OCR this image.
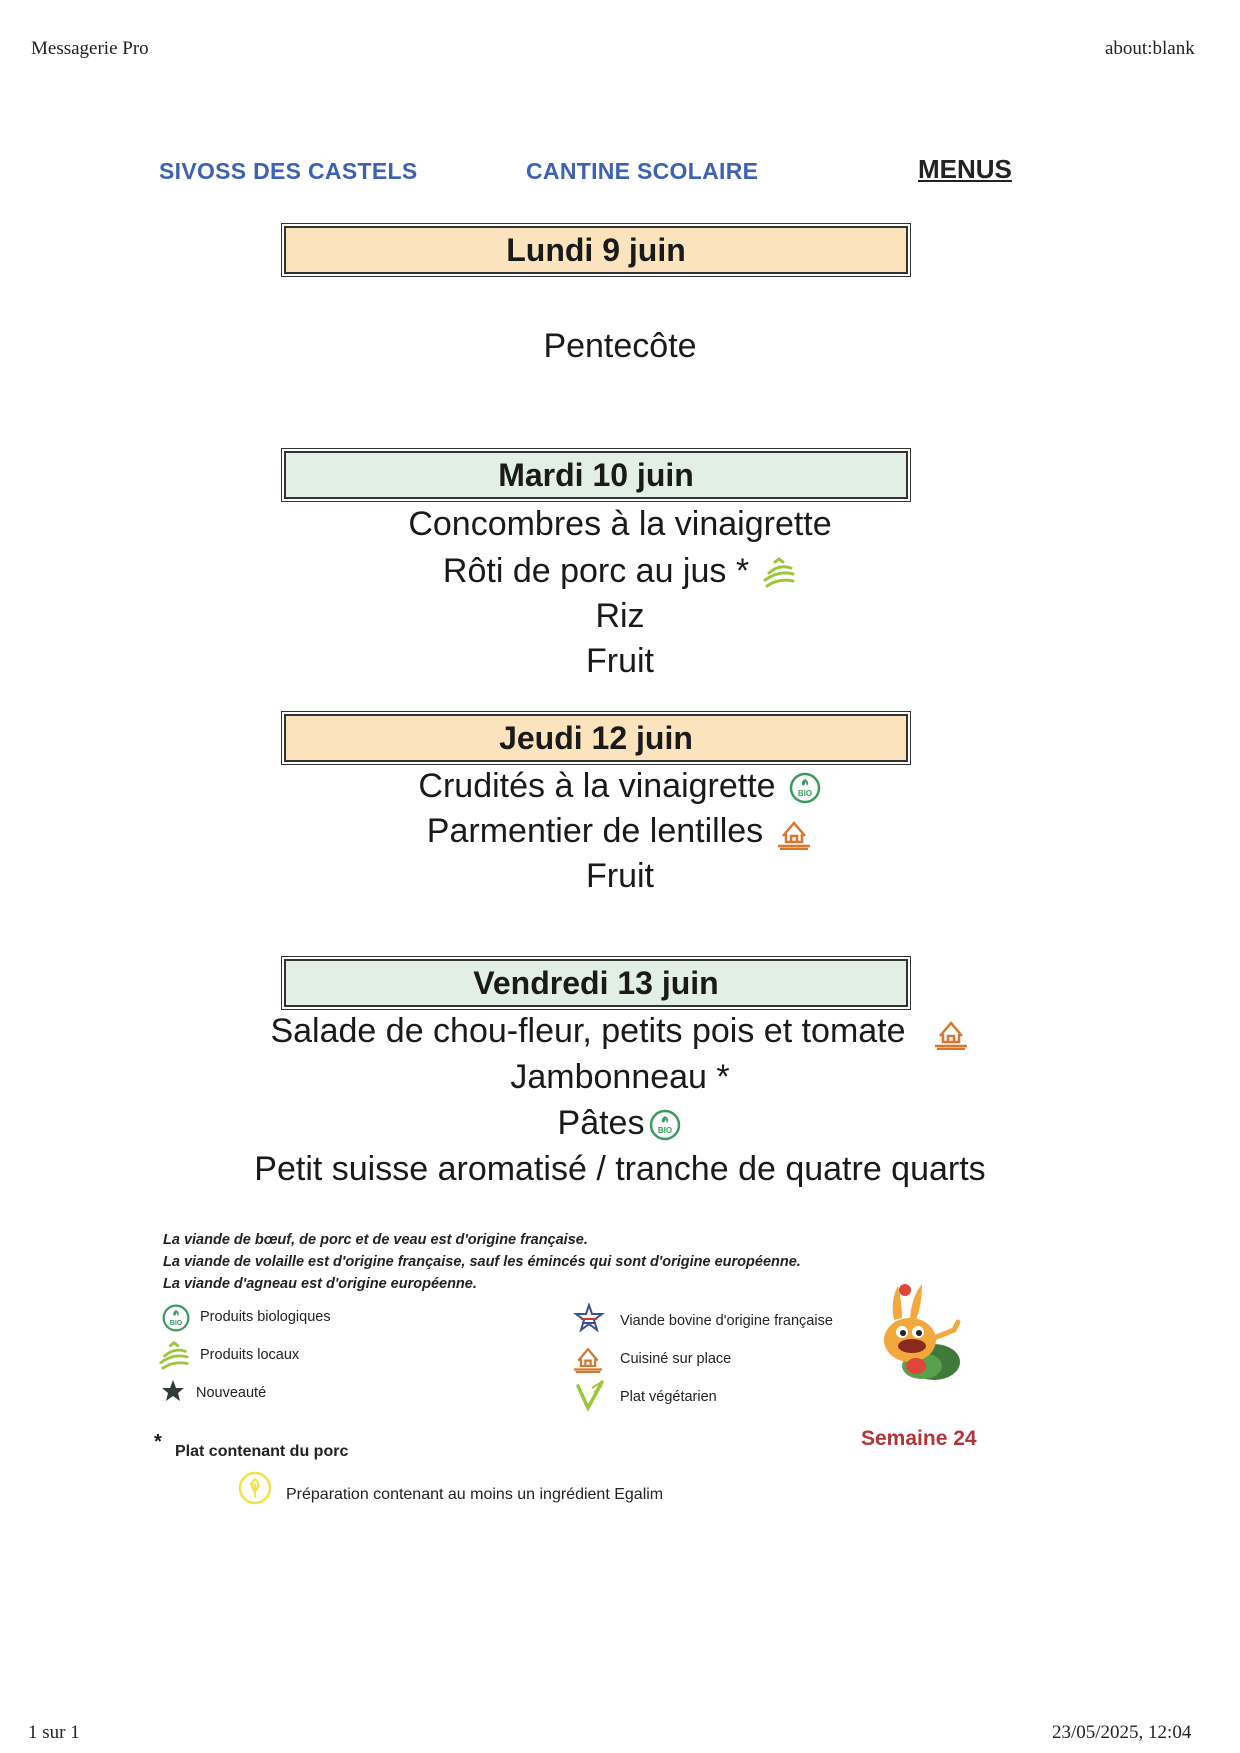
Messagerie Pro	about:blank
1 sur 1	23/05/2025, 12:04
SIVOSS DES CASTELS	CANTINE SCOLAIRE	MENUS
Lundi 9 juin
Pentecôte
Mardi 10 juin
Concombres à la vinaigrette
Rôti de porc au jus *
Riz
Fruit
Jeudi 12 juin
Crudités à la vinaigrette	BIO
Parmentier de lentilles
Fruit
Vendredi 13 juin
Salade de chou-fleur, petits pois et tomate
Jambonneau *
Pâtes BIO
Petit suisse aromatisé / tranche de quatre quarts
La viande de bœuf, de porc et de veau est d'origine française.
La viande de volaille est d'origine française, sauf les émincés qui sont d'origine européenne.
La viande d'agneau est d'origine européenne.
BIO Produits biologiques
Produits locaux
Nouveauté
Viande bovine d'origine française
Cuisiné sur place
Plat végétarien
Semaine 24
* Plat contenant du porc
Préparation contenant au moins un ingrédient Egalim
